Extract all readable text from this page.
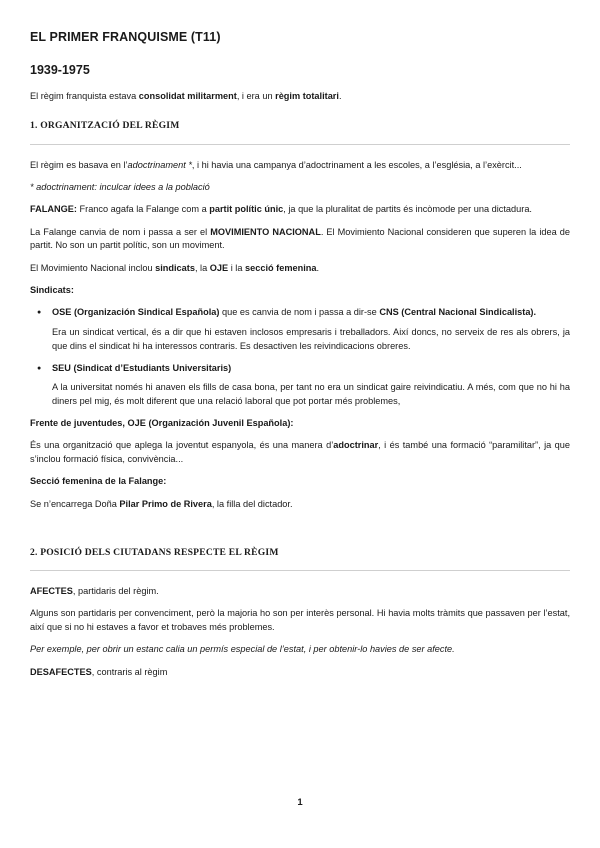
EL PRIMER FRANQUISME (T11)
1939-1975

El règim franquista estava consolidat militarment, i era un règim totalitari.

1. ORGANITZACIÓ DEL RÈGIM

El règim es basava en l’adoctrinament *, i hi havia una campanya d’adoctrinament a les escoles, a l’església, a l’exèrcit...

* adoctrinament: inculcar idees a la població

FALANGE: Franco agafa la Falange com a partit polític únic, ja que la pluralitat de partits és incòmode per una dictadura.

La Falange canvia de nom i passa a ser el MOVIMIENTO NACIONAL. El Movimiento Nacional consideren que superen la idea de partit. No son un partit polític, son un moviment.

El Movimiento Nacional inclou sindicats, la OJE i la secció femenina.

Sindicats:

● OSE (Organización Sindical Española) que es canvia de nom i passa a dir-se CNS (Central Nacional Sindicalista).
Era un sindicat vertical, és a dir que hi estaven inclosos empresaris i treballadors. Així doncs, no serveix de res als obrers, ja que dins el sindicat hi ha interessos contraris. Es desactiven les reivindicacions obreres.
● SEU (Sindicat d’Estudiants Universitaris)
A la universitat només hi anaven els fills de casa bona, per tant no era un sindicat gaire reivindicatiu. A més, com que no hi ha diners pel mig, és molt diferent que una relació laboral que pot portar més problemes,

Frente de juventudes, OJE (Organización Juvenil Española):

És una organització que aplega la joventut espanyola, és una manera d’adoctrinar, i és també una formació “paramilitar”, ja que s’inclou formació física, convivència...

Secció femenina de la Falange:

Se n’encarrega Doña Pilar Primo de Rivera, la filla del dictador.

2. POSICIÓ DELS CIUTADANS RESPECTE EL RÈGIM

AFECTES, partidaris del règim.

Alguns son partidaris per convenciment, però la majoria ho son per interès personal. Hi havia molts tràmits que passaven per l’estat, així que si no hi estaves a favor et trobaves més problemes.

Per exemple, per obrir un estanc calia un permís especial de l’estat, i per obtenir-lo havies de ser afecte.

DESAFECTES, contraris al règim

1
